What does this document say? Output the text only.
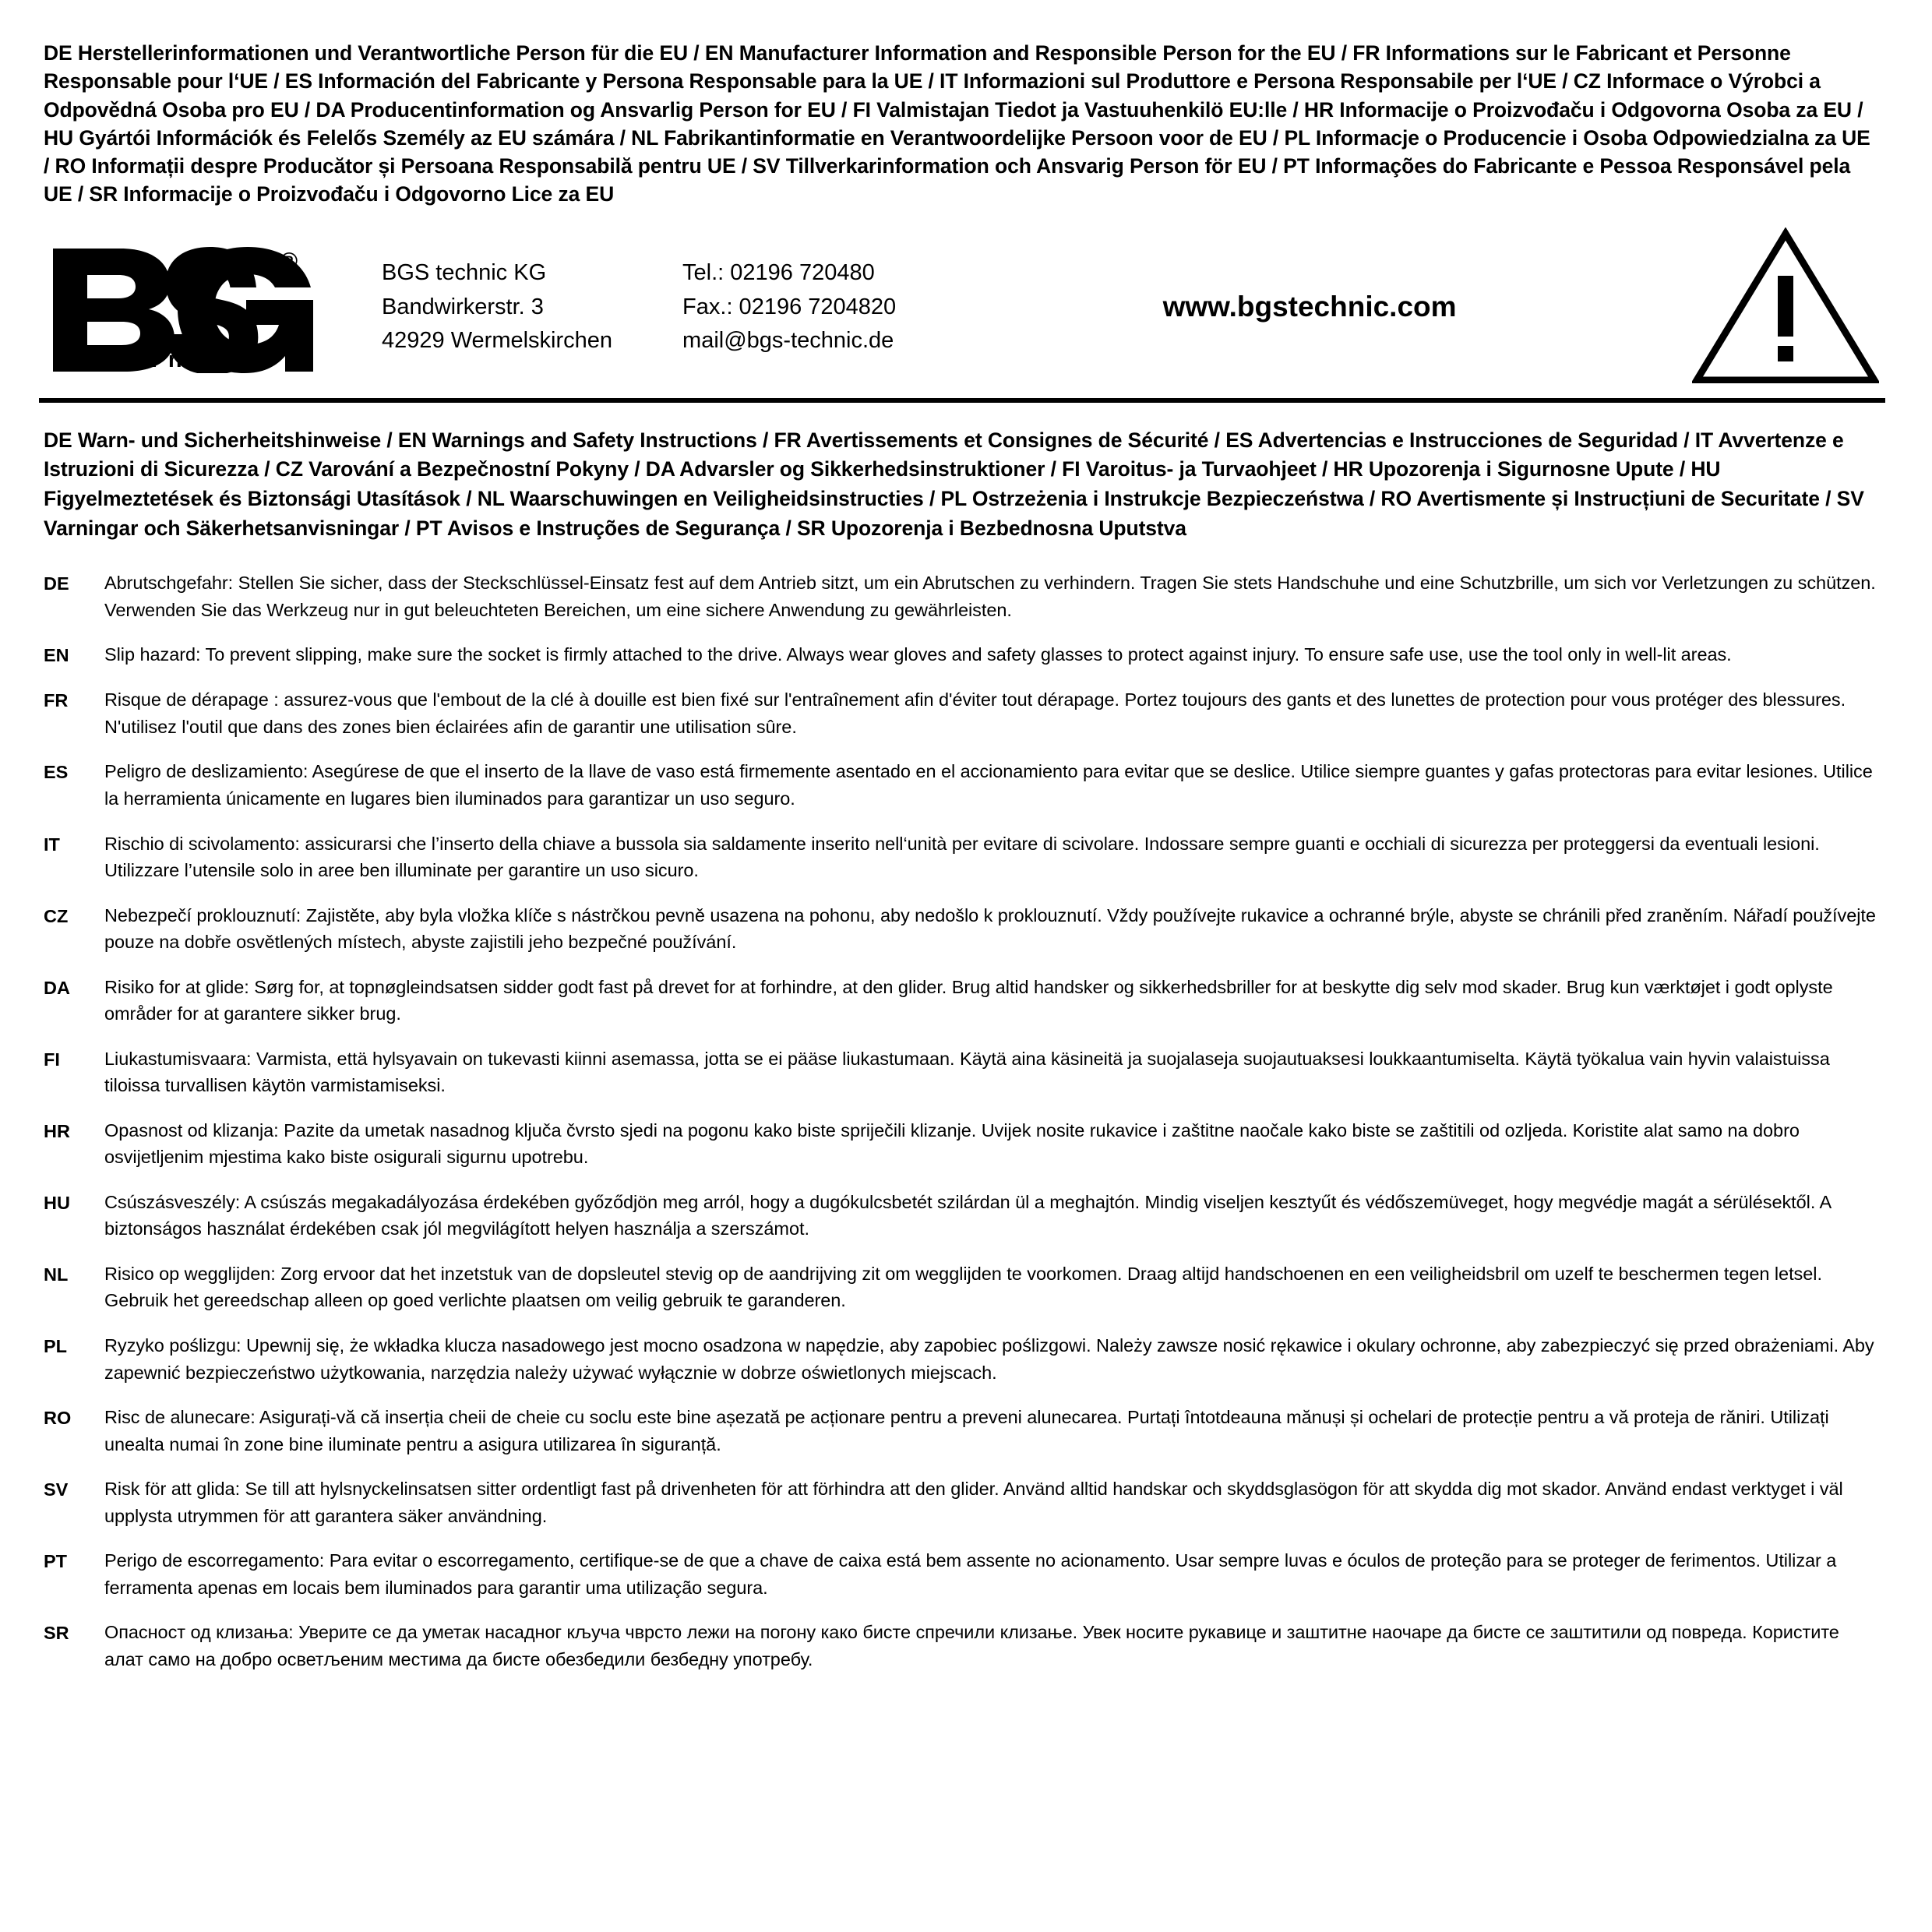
DE Herstellerinformationen und Verantwortliche Person für die EU / EN Manufacturer Information and Responsible Person for the EU / FR Informations sur le Fabricant et Personne Responsable pour l‘UE / ES Información del Fabricante y Persona Responsable para la UE / IT Informazioni sul Produttore e Persona Responsabile per l‘UE / CZ Informace o Výrobci a Odpovědná Osoba pro EU / DA Producentinformation og Ansvarlig Person for EU / FI Valmistajan Tiedot ja Vastuuhenkilö EU:lle / HR Informacije o Proizvođaču i Odgovorna Osoba za EU / HU Gyártói Információk és Felelős Személy az EU számára / NL Fabrikantinformatie en Verantwoordelijke Persoon voor de EU / PL Informacje o Producencie i Osoba Odpowiedzialna za UE / RO Informații despre Producător și Persoana Responsabilă pentru UE / SV Tillverkarinformation och Ansvarig Person för EU / PT Informações do Fabricante e Pessoa Responsável pela UE / SR Informacije o Proizvođaču i Odgovorno Lice za EU
®
t e c h n i c
BGS technic KG
Bandwirkerstr. 3
42929 Wermelskirchen
Tel.: 02196 720480
Fax.: 02196 7204820
mail@bgs-technic.de
www.bgstechnic.com
DE Warn- und Sicherheitshinweise / EN Warnings and Safety Instructions / FR Avertissements et Consignes de Sécurité / ES Advertencias e Instrucciones de Seguridad / IT Avvertenze e Istruzioni di Sicurezza / CZ Varování a Bezpečnostní Pokyny / DA Advarsler og Sikkerhedsinstruktioner / FI Varoitus- ja Turvaohjeet / HR Upozorenja i Sigurnosne Upute / HU Figyelmeztetések és Biztonsági Utasítások / NL Waarschuwingen en Veiligheidsinstructies / PL Ostrzeżenia i Instrukcje Bezpieczeństwa / RO Avertismente și Instrucțiuni de Securitate / SV Varningar och Säkerhetsanvisningar / PT Avisos e Instruções de Segurança / SR Upozorenja i Bezbednosna Uputstva
DE	Abrutschgefahr: Stellen Sie sicher, dass der Steckschlüssel-Einsatz fest auf dem Antrieb sitzt, um ein Abrutschen zu verhindern. Tragen Sie stets Handschuhe und eine Schutzbrille, um sich vor Verletzungen zu schützen. Verwenden Sie das Werkzeug nur in gut beleuchteten Bereichen, um eine sichere Anwendung zu gewährleisten.
EN	Slip hazard: To prevent slipping, make sure the socket is firmly attached to the drive. Always wear gloves and safety glasses to protect against injury. To ensure safe use, use the tool only in well-lit areas.
FR	Risque de dérapage : assurez-vous que l'embout de la clé à douille est bien fixé sur l'entraînement afin d'éviter tout dérapage. Portez toujours des gants et des lunettes de protection pour vous protéger des blessures. N'utilisez l'outil que dans des zones bien éclairées afin de garantir une utilisation sûre.
ES	Peligro de deslizamiento: Asegúrese de que el inserto de la llave de vaso está firmemente asentado en el accionamiento para evitar que se deslice. Utilice siempre guantes y gafas protectoras para evitar lesiones. Utilice la herramienta únicamente en lugares bien iluminados para garantizar un uso seguro.
IT	Rischio di scivolamento: assicurarsi che l’inserto della chiave a bussola sia saldamente inserito nell‘unità per evitare di scivolare. Indossare sempre guanti e occhiali di sicurezza per proteggersi da eventuali lesioni. Utilizzare l’utensile solo in aree ben illuminate per garantire un uso sicuro.
CZ	Nebezpečí proklouznutí: Zajistěte, aby byla vložka klíče s nástrčkou pevně usazena na pohonu, aby nedošlo k proklouznutí. Vždy používejte rukavice a ochranné brýle, abyste se chránili před zraněním. Nářadí používejte pouze na dobře osvětlených místech, abyste zajistili jeho bezpečné používání.
DA	Risiko for at glide: Sørg for, at topnøgleindsatsen sidder godt fast på drevet for at forhindre, at den glider. Brug altid handsker og sikkerhedsbriller for at beskytte dig selv mod skader. Brug kun værktøjet i godt oplyste områder for at garantere sikker brug.
FI	Liukastumisvaara: Varmista, että hylsyavain on tukevasti kiinni asemassa, jotta se ei pääse liukastumaan. Käytä aina käsineitä ja suojalaseja suojautuaksesi loukkaantumiselta. Käytä työkalua vain hyvin valaistuissa tiloissa turvallisen käytön varmistamiseksi.
HR	Opasnost od klizanja: Pazite da umetak nasadnog ključa čvrsto sjedi na pogonu kako biste spriječili klizanje. Uvijek nosite rukavice i zaštitne naočale kako biste se zaštitili od ozljeda. Koristite alat samo na dobro osvijetljenim mjestima kako biste osigurali sigurnu upotrebu.
HU	Csúszásveszély: A csúszás megakadályozása érdekében győződjön meg arról, hogy a dugókulcsbetét szilárdan ül a meghajtón. Mindig viseljen kesztyűt és védőszemüveget, hogy megvédje magát a sérülésektől. A biztonságos használat érdekében csak jól megvilágított helyen használja a szerszámot.
NL	Risico op wegglijden: Zorg ervoor dat het inzetstuk van de dopsleutel stevig op de aandrijving zit om wegglijden te voorkomen. Draag altijd handschoenen en een veiligheidsbril om uzelf te beschermen tegen letsel. Gebruik het gereedschap alleen op goed verlichte plaatsen om veilig gebruik te garanderen.
PL	Ryzyko poślizgu: Upewnij się, że wkładka klucza nasadowego jest mocno osadzona w napędzie, aby zapobiec poślizgowi. Należy zawsze nosić rękawice i okulary ochronne, aby zabezpieczyć się przed obrażeniami. Aby zapewnić bezpieczeństwo użytkowania, narzędzia należy używać wyłącznie w dobrze oświetlonych miejscach.
RO	Risc de alunecare: Asigurați-vă că inserția cheii de cheie cu soclu este bine așezată pe acționare pentru a preveni alunecarea. Purtați întotdeauna mănuși și ochelari de protecție pentru a vă proteja de răniri. Utilizați unealta numai în zone bine iluminate pentru a asigura utilizarea în siguranță.
SV	Risk för att glida: Se till att hylsnyckelinsatsen sitter ordentligt fast på drivenheten för att förhindra att den glider. Använd alltid handskar och skyddsglasögon för att skydda dig mot skador. Använd endast verktyget i väl upplysta utrymmen för att garantera säker användning.
PT	Perigo de escorregamento: Para evitar o escorregamento, certifique-se de que a chave de caixa está bem assente no acionamento. Usar sempre luvas e óculos de proteção para se proteger de ferimentos. Utilizar a ferramenta apenas em locais bem iluminados para garantir uma utilização segura.
SR	Опасност од клизања: Уверите се да уметак насадног кључа чврсто лежи на погону како бисте спречили клизање. Увек носите рукавице и заштитне наочаре да бисте се заштитили од повреда. Користите алат само на добро осветљеним местима да бисте обезбедили безбедну употребу.
